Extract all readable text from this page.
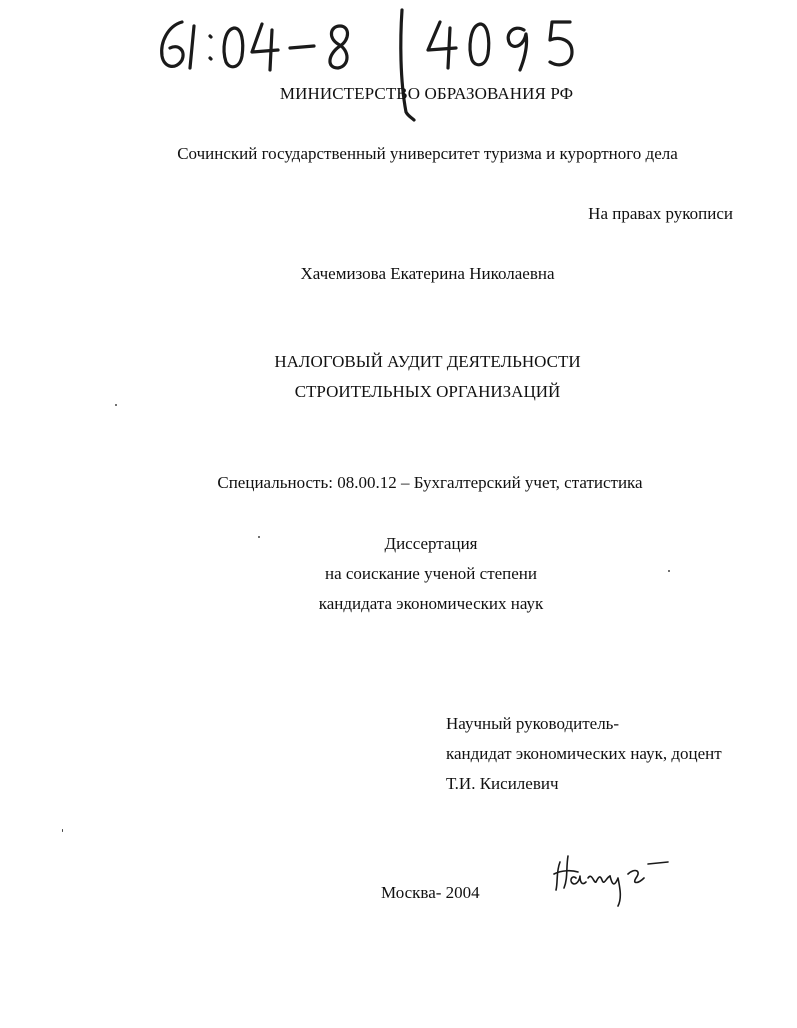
МИНИСТЕРСТВО ОБРАЗОВАНИЯ РФ
Сочинский государственный университет туризма и курортного дела
На правах рукописи
Хачемизова Екатерина Николаевна
НАЛОГОВЫЙ АУДИТ ДЕЯТЕЛЬНОСТИ
СТРОИТЕЛЬНЫХ ОРГАНИЗАЦИЙ
Специальность: 08.00.12 – Бухгалтерский учет, статистика
Диссертация
на соискание ученой степени
кандидата экономических наук
Научный руководитель-
кандидат экономических наук, доцент
Т.И. Кисилевич
Москва- 2004
